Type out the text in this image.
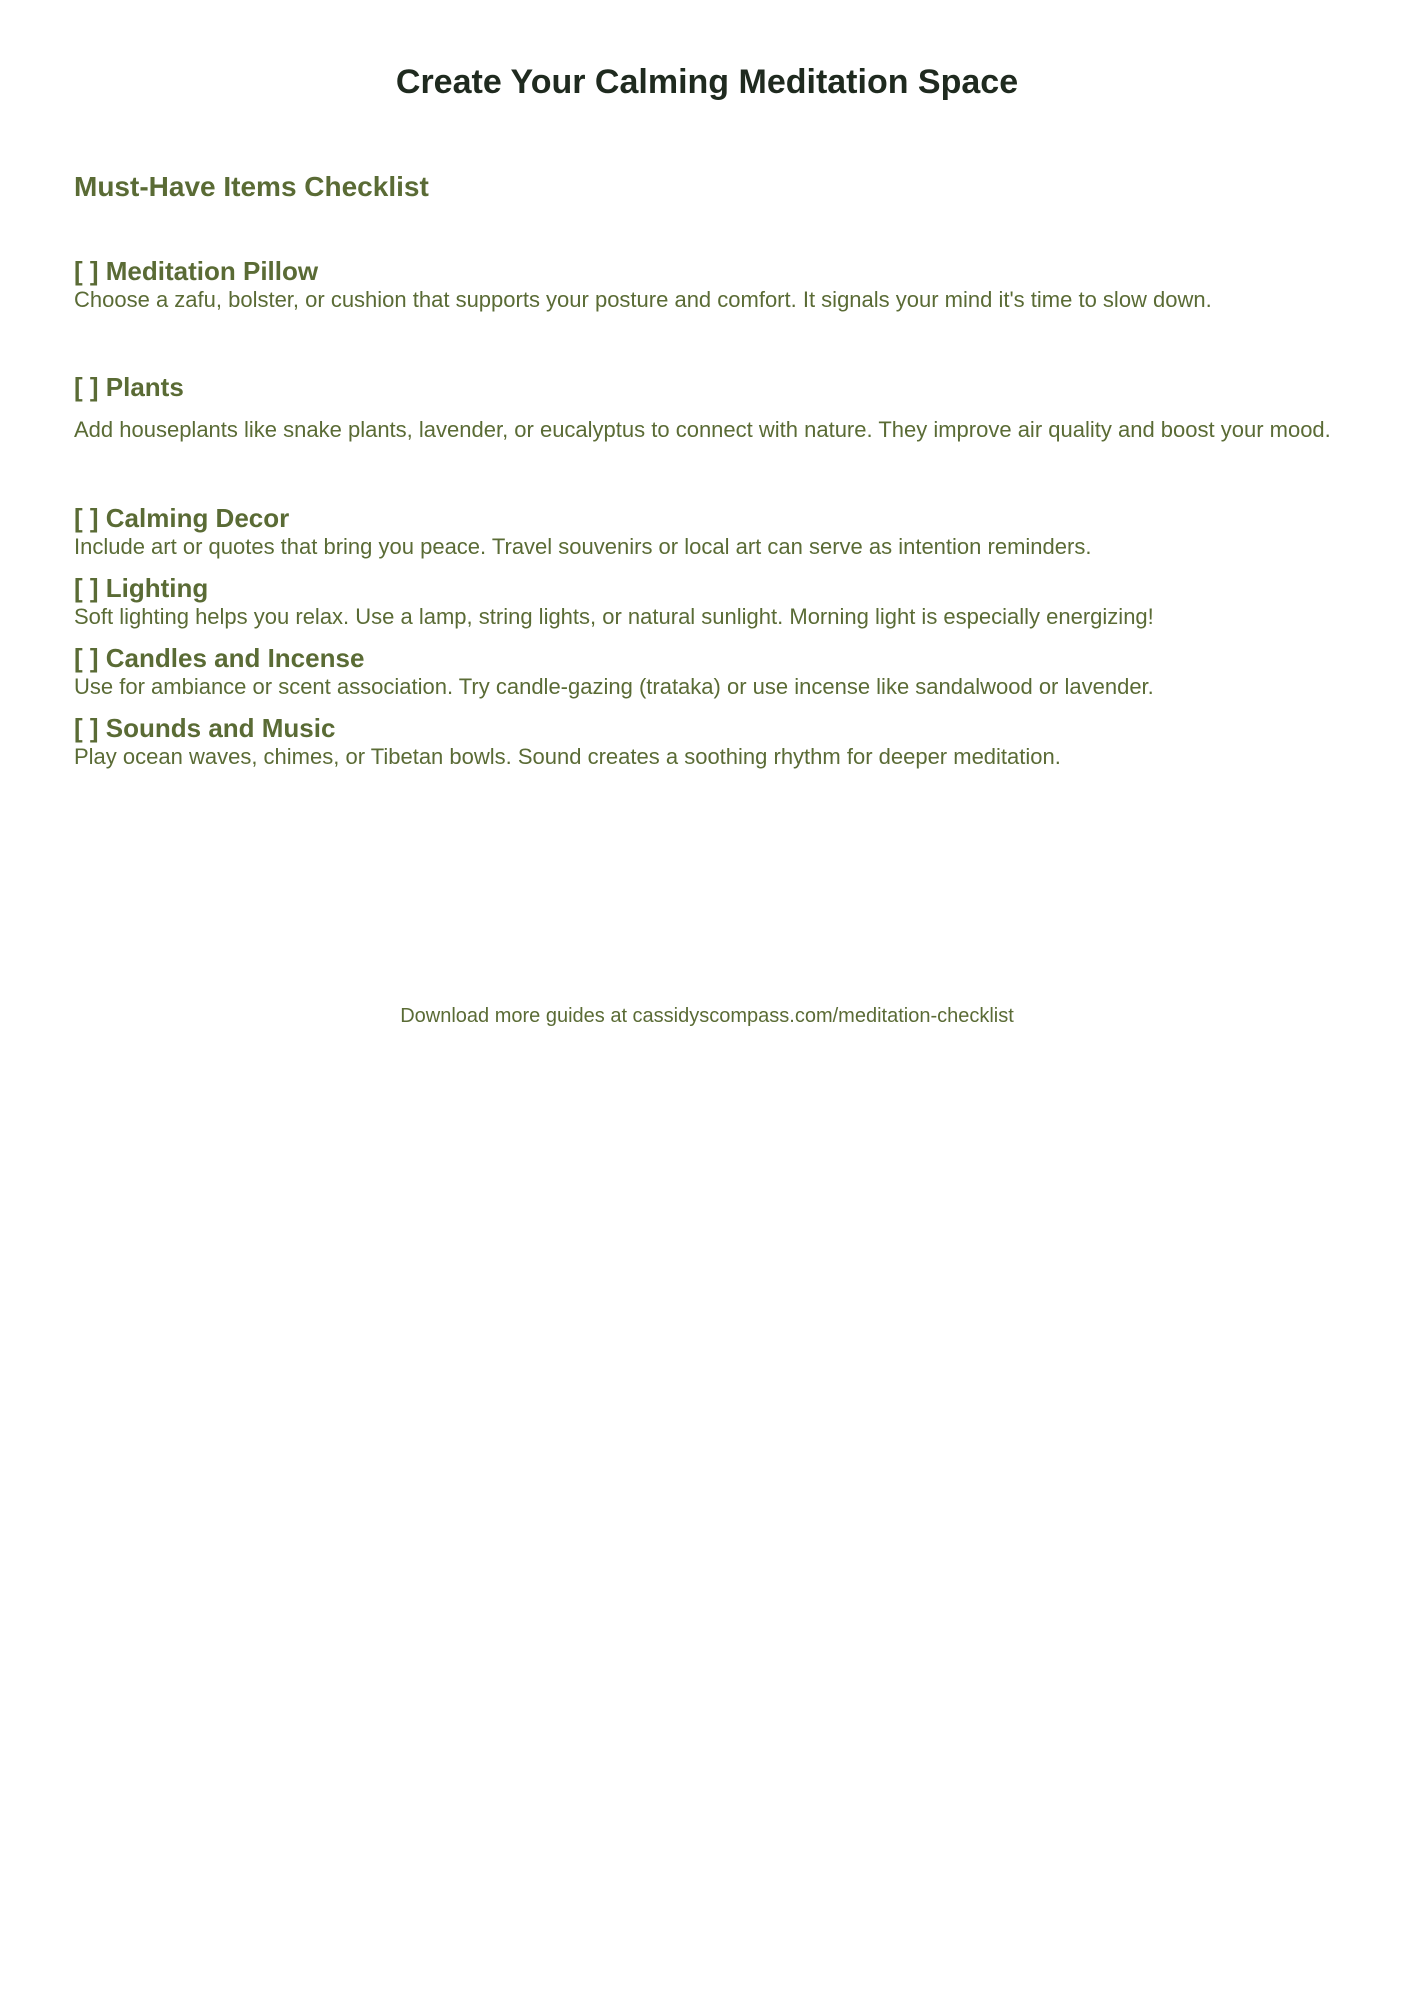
Create Your Calming Meditation Space
Must-Have Items Checklist

[ ] Meditation Pillow

Choose a zafu, bolster, or cushion that supports your posture and comfort. It signals your mind it's time to slow down.

[ ] Plants

Add houseplants like snake plants, lavender, or eucalyptus to connect with nature. They improve air quality and boost your mood.

[ ] Calming Decor

Include art or quotes that bring you peace. Travel souvenirs or local art can serve as intention reminders.

[ ] Lighting

Soft lighting helps you relax. Use a lamp, string lights, or natural sunlight. Morning light is especially energizing!

[ ] Candles and Incense

Use for ambiance or scent association. Try candle-gazing (trataka) or use incense like sandalwood or lavender.

[ ] Sounds and Music

Play ocean waves, chimes, or Tibetan bowls. Sound creates a soothing rhythm for deeper meditation.

Download more guides at cassidyscompass.com/meditation-checklist
